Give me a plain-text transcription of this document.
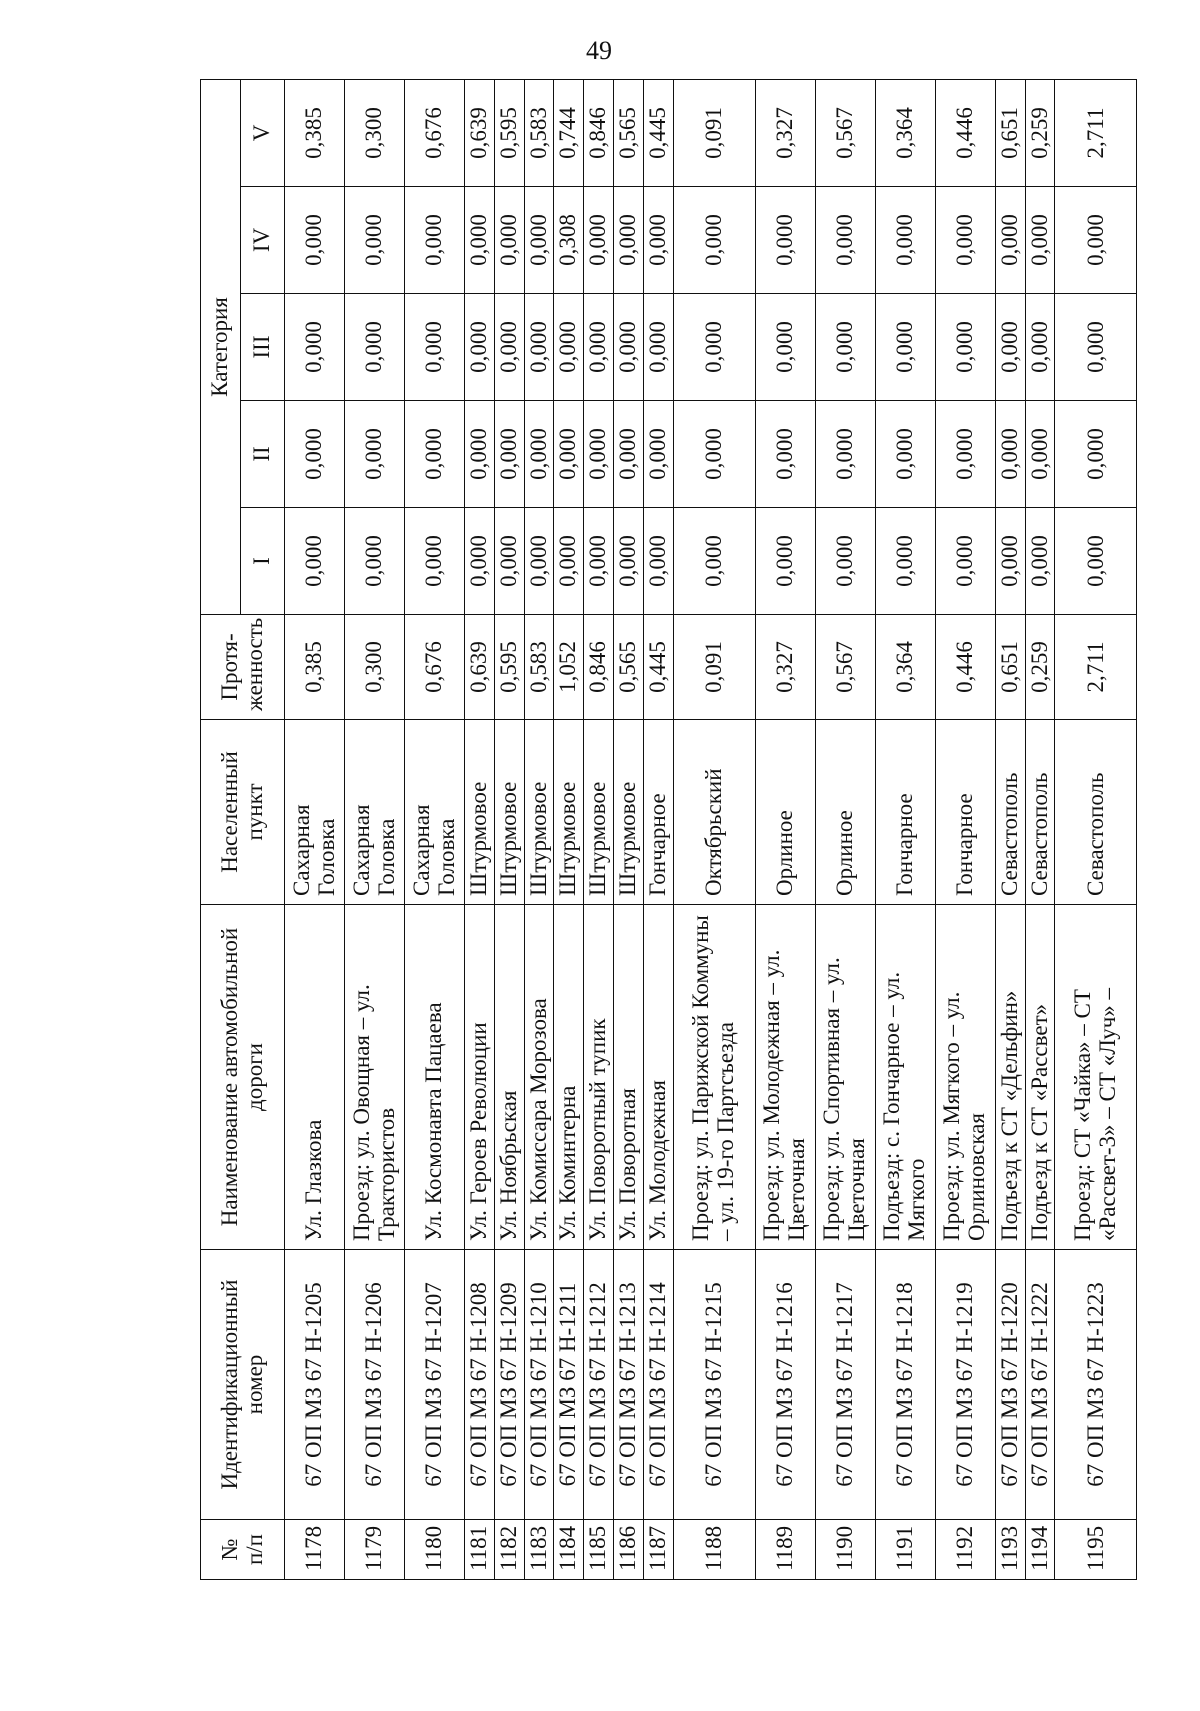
49
№ п/п	Идентификационный номер	Наименование автомобильной дороги	Населенный пункт	Протя- женность	Категория				
					I	II	III	IV	V
1178	67 ОП МЗ 67 Н-1205	Ул. Глазкова	Сахарная Головка	0,385	0,000	0,000	0,000	0,000	0,385
1179	67 ОП МЗ 67 Н-1206	Проезд: ул. Овощная – ул. Трактористов	Сахарная Головка	0,300	0,000	0,000	0,000	0,000	0,300
1180	67 ОП МЗ 67 Н-1207	Ул. Космонавта Пацаева	Сахарная Головка	0,676	0,000	0,000	0,000	0,000	0,676
1181	67 ОП МЗ 67 Н-1208	Ул. Героев Революции	Штурмовое	0,639	0,000	0,000	0,000	0,000	0,639
1182	67 ОП МЗ 67 Н-1209	Ул. Ноябрьская	Штурмовое	0,595	0,000	0,000	0,000	0,000	0,595
1183	67 ОП МЗ 67 Н-1210	Ул. Комиссара Морозова	Штурмовое	0,583	0,000	0,000	0,000	0,000	0,583
1184	67 ОП МЗ 67 Н-1211	Ул. Коминтерна	Штурмовое	1,052	0,000	0,000	0,000	0,308	0,744
1185	67 ОП МЗ 67 Н-1212	Ул. Поворотный тупик	Штурмовое	0,846	0,000	0,000	0,000	0,000	0,846
1186	67 ОП МЗ 67 Н-1213	Ул. Поворотная	Штурмовое	0,565	0,000	0,000	0,000	0,000	0,565
1187	67 ОП МЗ 67 Н-1214	Ул. Молодежная	Гончарное	0,445	0,000	0,000	0,000	0,000	0,445
1188	67 ОП МЗ 67 Н-1215	Проезд: ул. Парижской Коммуны – ул. 19-го Партсъезда	Октябрьский	0,091	0,000	0,000	0,000	0,000	0,091
1189	67 ОП МЗ 67 Н-1216	Проезд: ул. Молодежная – ул. Цветочная	Орлиное	0,327	0,000	0,000	0,000	0,000	0,327
1190	67 ОП МЗ 67 Н-1217	Проезд: ул. Спортивная – ул. Цветочная	Орлиное	0,567	0,000	0,000	0,000	0,000	0,567
1191	67 ОП МЗ 67 Н-1218	Подъезд: с. Гончарное – ул. Мягкого	Гончарное	0,364	0,000	0,000	0,000	0,000	0,364
1192	67 ОП МЗ 67 Н-1219	Проезд: ул. Мягкого – ул. Орлиновская	Гончарное	0,446	0,000	0,000	0,000	0,000	0,446
1193	67 ОП МЗ 67 Н-1220	Подъезд к СТ «Дельфин»	Севастополь	0,651	0,000	0,000	0,000	0,000	0,651
1194	67 ОП МЗ 67 Н-1222	Подъезд к СТ «Рассвет»	Севастополь	0,259	0,000	0,000	0,000	0,000	0,259
1195	67 ОП МЗ 67 Н-1223	Проезд: СТ «Чайка» – СТ «Рассвет-3» – СТ «Луч» –	Севастополь	2,711	0,000	0,000	0,000	0,000	2,711
